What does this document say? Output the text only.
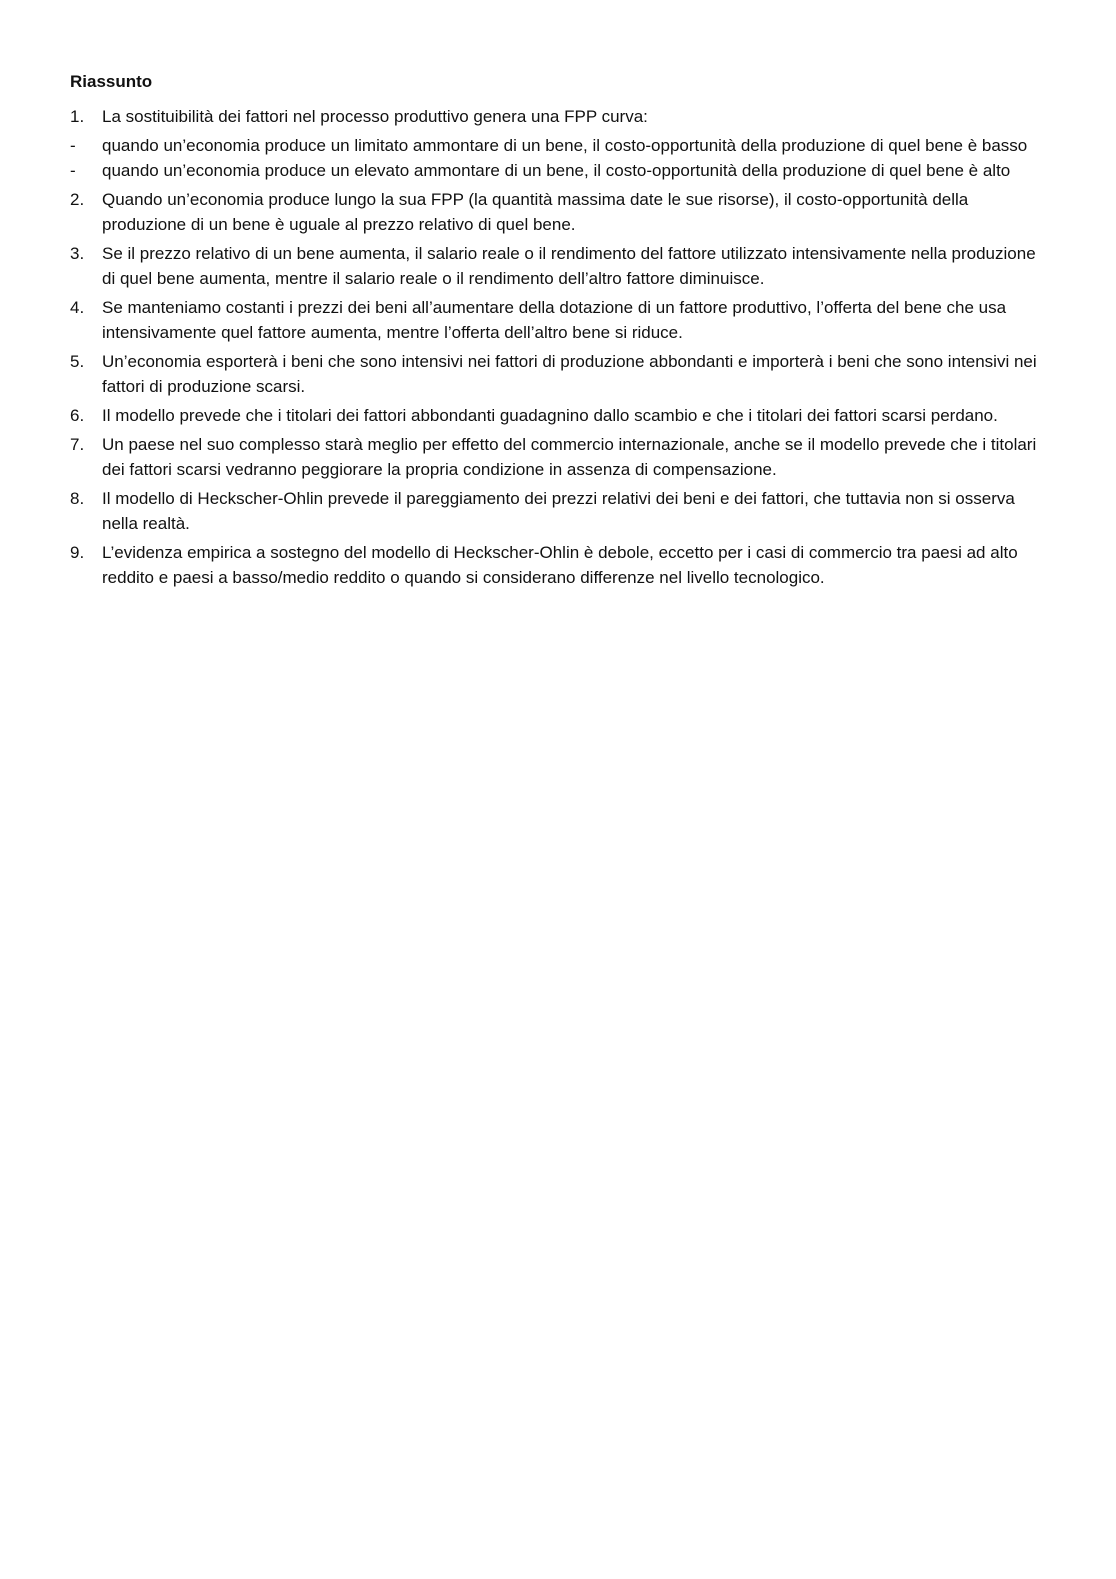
Riassunto
1.	La sostituibilità dei fattori nel processo produttivo genera una FPP curva:
-	quando un’economia produce un limitato ammontare di un bene, il costo-opportunità della produzione di quel bene è basso
-	quando un’economia produce un elevato ammontare di un bene, il costo-opportunità della produzione di quel bene è alto
2.	Quando un’economia produce lungo la sua FPP (la quantità massima date le sue risorse), il costo-opportunità della produzione di un bene è uguale al prezzo relativo di quel bene.
3.	Se il prezzo relativo di un bene aumenta, il salario reale o il rendimento del fattore utilizzato intensivamente nella produzione di quel bene aumenta, mentre il salario reale o il rendimento dell’altro fattore diminuisce.
4.	Se manteniamo costanti i prezzi dei beni all’aumentare della dotazione di un fattore produttivo, l’offerta del bene che usa intensivamente quel fattore aumenta, mentre l’offerta dell’altro bene si riduce.
5.	Un’economia esporterà i beni che sono intensivi nei fattori di produzione abbondanti e importerà i beni che sono intensivi nei fattori di produzione scarsi.
6.	Il modello prevede che i titolari dei fattori abbondanti guadagnino dallo scambio e che i titolari dei fattori scarsi perdano.
7.	Un paese nel suo complesso starà meglio per effetto del commercio internazionale, anche se il modello prevede che i titolari dei fattori scarsi vedranno peggiorare la propria condizione in assenza di compensazione.
8.	Il modello di Heckscher-Ohlin prevede il pareggiamento dei prezzi relativi dei beni e dei fattori, che tuttavia non si osserva nella realtà.
9.	L’evidenza empirica a sostegno del modello di Heckscher-Ohlin è debole, eccetto per i casi di commercio tra paesi ad alto reddito e paesi a basso/medio reddito o quando si considerano differenze nel livello tecnologico.
